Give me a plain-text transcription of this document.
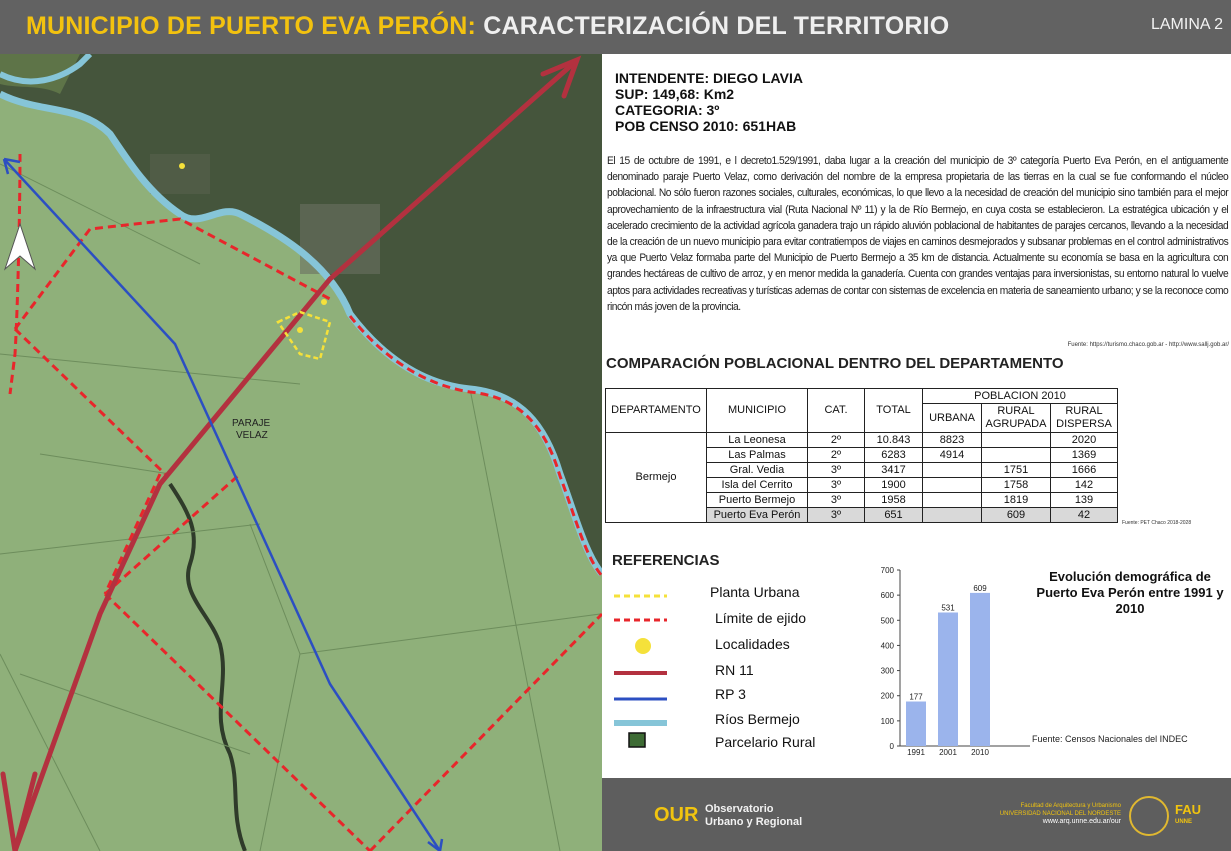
MUNICIPIO DE PUERTO EVA PERÓN: CARACTERIZACIÓN DEL TERRITORIO	LAMINA 2
PARAJE
VELAZ
INTENDENTE: DIEGO LAVIA
SUP: 149,68: Km2
CATEGORIA: 3º
POB CENSO 2010: 651HAB
El 15 de octubre de 1991, e l decreto1.529/1991, daba lugar a la creación del municipio de 3º categoría Puerto Eva Perón, en el antiguamente denominado paraje Puerto Velaz, como derivación del nombre de la empresa propietaria de las tierras en la cual se fue conformando el núcleo poblacional. No sólo fueron razones sociales, culturales, económicas, lo que llevo a la necesidad de creación del municipio sino también para el mejor aprovechamiento de la infraestructura vial (Ruta Nacional Nº 11) y la de Río Bermejo, en cuya costa se establecieron. La estratégica ubicación y el acelerado crecimiento de la actividad agrícola ganadera trajo un rápido aluvión poblacional de habitantes de parajes cercanos, llevando a la necesidad de la creación de un nuevo municipio para evitar contratiempos de viajes en caminos desmejorados y subsanar problemas en el control administrativos ya que Puerto Velaz formaba parte del Municipio de Puerto Bermejo a 35 km de distancia. Actualmente su economía se basa en la agricultura con grandes hectáreas de cultivo de arroz, y en menor medida la ganadería. Cuenta con grandes ventajas para inversionistas, su entorno natural lo vuelve aptos para actividades recreativas y turísticas ademas de contar con sistemas de excelencia en materia de saneamiento urbano; y se la reconoce como rincón más joven de la provincia.
Fuente: https://turismo.chaco.gob.ar - http://www.sallj.gob.ar/
COMPARACIÓN POBLACIONAL DENTRO DEL DEPARTAMENTO
DEPARTAMENTO	MUNICIPIO	CAT.	TOTAL	POBLACION 2010		
				URBANA	RURAL AGRUPADA	RURAL DISPERSA
Bermejo	La Leonesa	2º	10.843	8823		2020
	Las Palmas	2º	6283	4914		1369
	Gral. Vedia	3º	3417		1751	1666
	Isla del Cerrito	3º	1900		1758	142
	Puerto Bermejo	3º	1958		1819	139
	Puerto Eva Perón	3º	651		609	42
Fuente: PET Chaco 2018-2028
REFERENCIAS
Planta Urbana
Límite de ejido
Localidades
RN 11
RP 3
Ríos Bermejo
Parcelario Rural	0
100
200
300
400
500
600
700
177
1991
531
2001
609
2010
Evolución demográfica de Puerto Eva Perón entre 1991 y 2010
Fuente: Censos Nacionales del INDEC
OUR Observatorio
Urbano y Regional
Facultad de Arquitectura y Urbanismo
UNIVERSIDAD NACIONAL DEL NORDESTE
www.arq.unne.edu.ar/our
FAU
UNNE
